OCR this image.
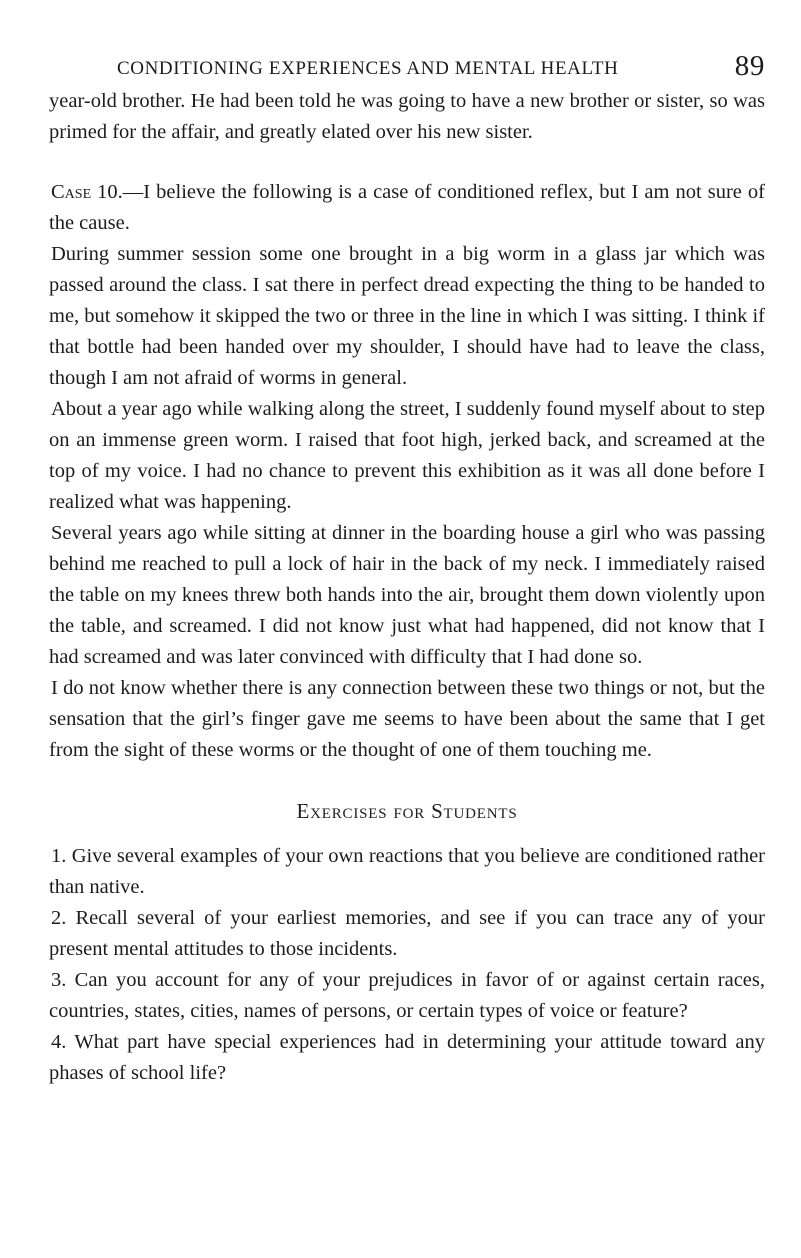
CONDITIONING EXPERIENCES AND MENTAL HEALTH	89

year-old brother. He had been told he was going to have a new brother or sister, so was primed for the affair, and greatly elated over his new sister.

Case 10.—I believe the following is a case of conditioned reflex, but I am not sure of the cause.

During summer session some one brought in a big worm in a glass jar which was passed around the class. I sat there in perfect dread expecting the thing to be handed to me, but somehow it skipped the two or three in the line in which I was sitting. I think if that bottle had been handed over my shoulder, I should have had to leave the class, though I am not afraid of worms in general.

About a year ago while walking along the street, I suddenly found myself about to step on an immense green worm. I raised that foot high, jerked back, and screamed at the top of my voice. I had no chance to prevent this exhibition as it was all done before I realized what was happening.

Several years ago while sitting at dinner in the boarding house a girl who was passing behind me reached to pull a lock of hair in the back of my neck. I immediately raised the table on my knees threw both hands into the air, brought them down violently upon the table, and screamed. I did not know just what had happened, did not know that I had screamed and was later convinced with difficulty that I had done so.

I do not know whether there is any connection between these two things or not, but the sensation that the girl’s finger gave me seems to have been about the same that I get from the sight of these worms or the thought of one of them touching me.

Exercises for Students

1. Give several examples of your own reactions that you believe are conditioned rather than native.

2. Recall several of your earliest memories, and see if you can trace any of your present mental attitudes to those incidents.

3. Can you account for any of your prejudices in favor of or against certain races, countries, states, cities, names of persons, or certain types of voice or feature?

4. What part have special experiences had in determining your attitude toward any phases of school life?
